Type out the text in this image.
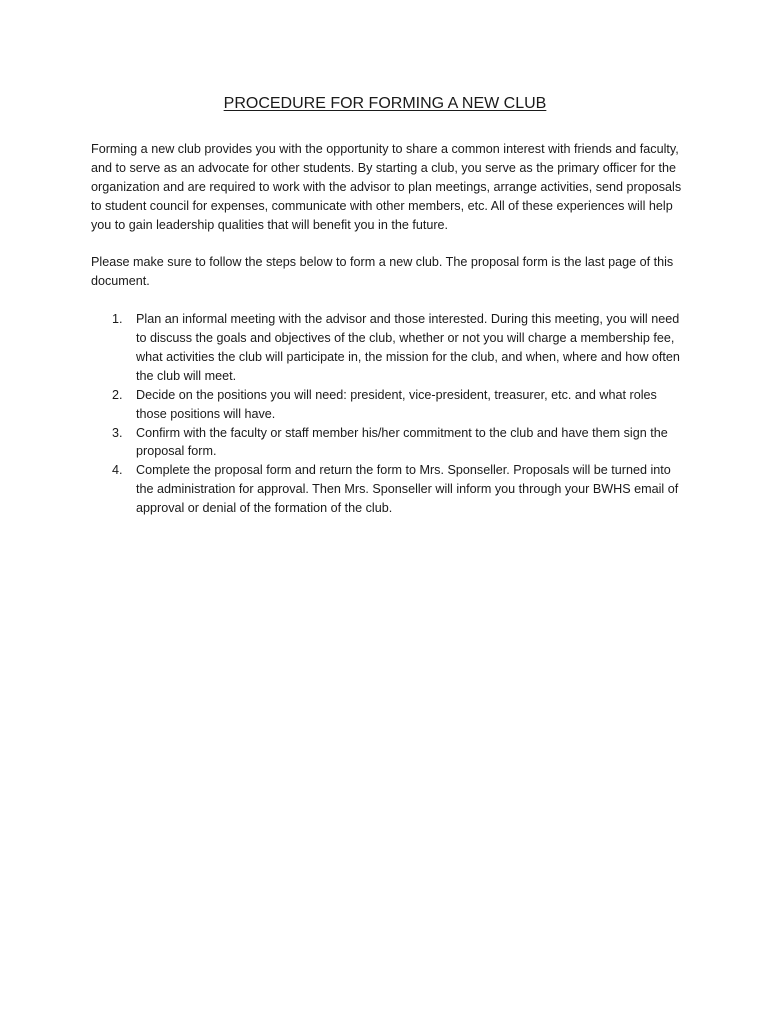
PROCEDURE FOR FORMING A NEW CLUB

Forming a new club provides you with the opportunity to share a common interest with friends and faculty, and to serve as an advocate for other students. By starting a club, you serve as the primary officer for the organization and are required to work with the advisor to plan meetings, arrange activities, send proposals to student council for expenses, communicate with other members, etc. All of these experiences will help you to gain leadership qualities that will benefit you in the future.

Please make sure to follow the steps below to form a new club. The proposal form is the last page of this document.

1. Plan an informal meeting with the advisor and those interested. During this meeting, you will need to discuss the goals and objectives of the club, whether or not you will charge a membership fee, what activities the club will participate in, the mission for the club, and when, where and how often the club will meet.
2. Decide on the positions you will need: president, vice-president, treasurer, etc. and what roles those positions will have.
3. Confirm with the faculty or staff member his/her commitment to the club and have them sign the proposal form.
4. Complete the proposal form and return the form to Mrs. Sponseller. Proposals will be turned into the administration for approval. Then Mrs. Sponseller will inform you through your BWHS email of approval or denial of the formation of the club.
